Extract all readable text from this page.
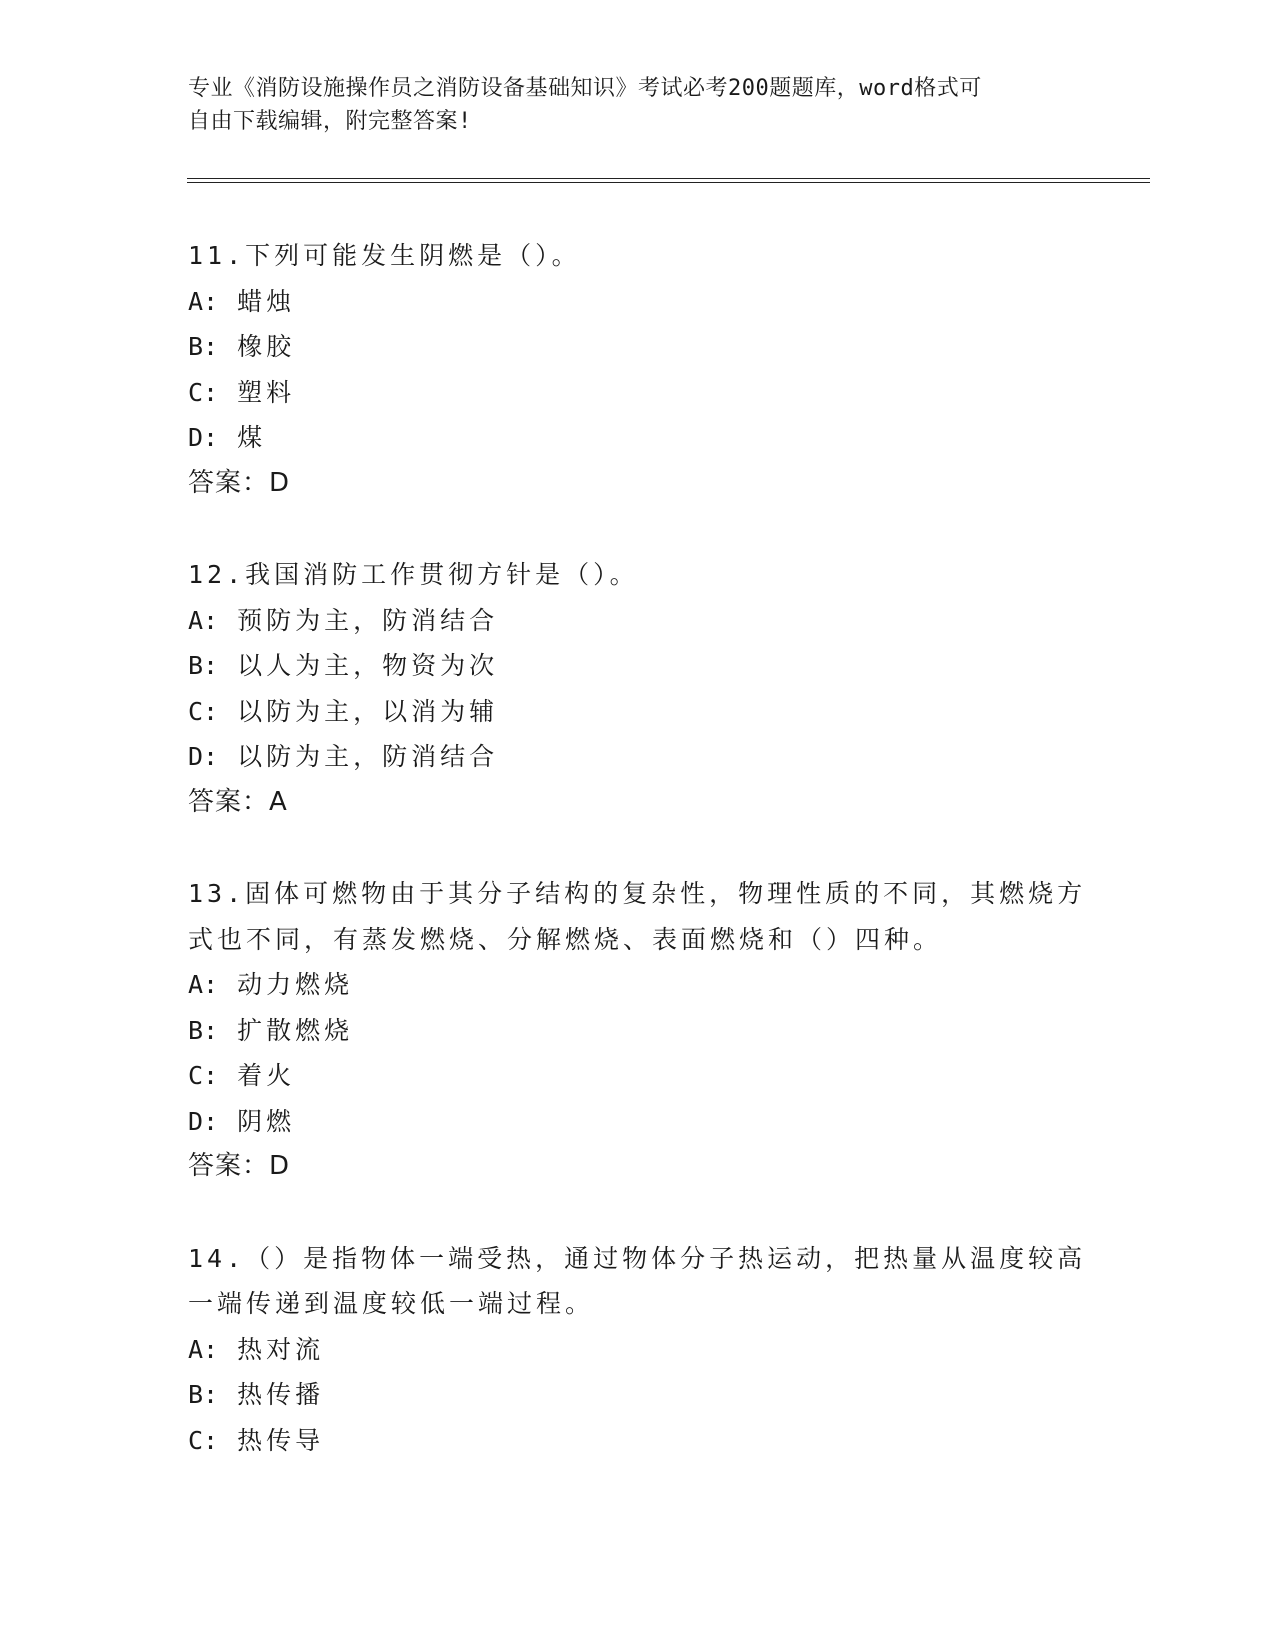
专业《消防设施操作员之消防设备基础知识》考试必考200题题库，word格式可
自由下载编辑，附完整答案!
11.下列可能发生阴燃是（）。
A: 蜡烛
B: 橡胶
C: 塑料
D: 煤
答案：D
12.我国消防工作贯彻方针是（）。
A: 预防为主，防消结合
B: 以人为主，物资为次
C: 以防为主，以消为辅
D: 以防为主，防消结合
答案：A
13.固体可燃物由于其分子结构的复杂性，物理性质的不同，其燃烧方
式也不同，有蒸发燃烧、分解燃烧、表面燃烧和（）四种。
A: 动力燃烧
B: 扩散燃烧
C: 着火
D: 阴燃
答案：D
14.（）是指物体一端受热，通过物体分子热运动，把热量从温度较高
一端传递到温度较低一端过程。
A: 热对流
B: 热传播
C: 热传导
